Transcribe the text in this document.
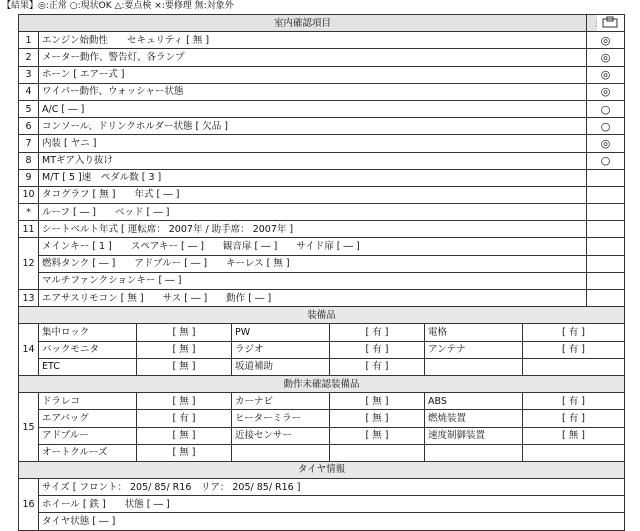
【結果】◎:正常 ○:現状OK △:要点検 ×:要修理 無:対象外
室内確認項目	
1	エンジン始動性　　セキュリティ [ 無 ]						◎
2	メーター動作、警告灯、各ランプ						◎
3	ホーン [ エアー式 ]						◎
4	ワイパー動作、ウォッシャー状態						◎
5	A/C [ ― ]						○
6	コンソール、ドリンクホルダー状態 [ 欠品 ]						○
7	内装 [ ヤニ ]						◎
8	MTギア入り抜け						○
9	M/T [ 5 ]速　ペダル数 [ 3 ]						
10	タコグラフ [ 無 ]　　年式 [ ― ]						
*	ルーフ [ ― ]　　ベッド [ ― ]						
11	シートベルト年式 [ 運転席： 2007年 / 助手席： 2007年 ]						
12	メインキー [ 1 ]　　スペアキー [ ― ]　　観音扉 [ ― ]　　サイド扉 [ ― ]						
	燃料タンク [ ― ]　　アドブルー [ ― ]　　キーレス [ 無 ]						
	マルチファンクションキー [ ― ]						
13	エアサスリモコン [ 無 ]　　サス [ ― ]　　動作 [ ― ]						
装備品							
14	集中ロック	[ 無 ]	PW	[ 有 ]	電格	[ 有 ]	
	バックモニタ	[ 無 ]	ラジオ	[ 有 ]	アンテナ	[ 有 ]	
	ETC	[ 無 ]	坂道補助	[ 有 ]			
動作未確認装備品							
15	ドラレコ	[ 無 ]	カーナビ	[ 無 ]	ABS	[ 有 ]	
	エアバッグ	[ 有 ]	ヒーターミラー	[ 無 ]	燃焼装置	[ 有 ]	
	アドブルー	[ 無 ]	近接センサー	[ 無 ]	速度制御装置	[ 無 ]	
	オートクルーズ	[ 無 ]					
タイヤ情報							
16	サイズ [ フロント： 205/ 85/ R16　リア： 205/ 85/ R16 ]						
	ホイール [ 鉄 ]　　状態 [ ― ]						
	タイヤ状態 [ ― ]						
